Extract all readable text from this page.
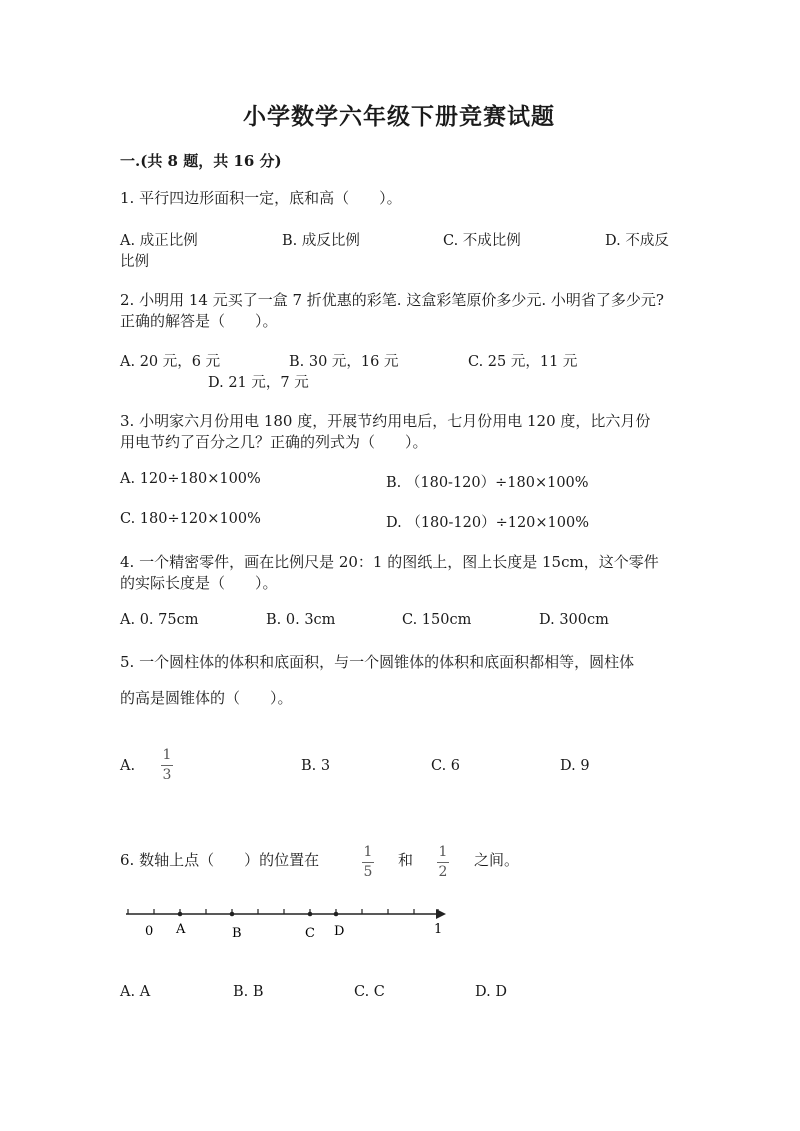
小学数学六年级下册竞赛试题
一.(共 8 题，共 16 分)
1. 平行四边形面积一定，底和高（　　）。
A. 成正比例	B. 成反比例	C. 不成比例	D. 不成反
比例
2. 小明用 14 元买了一盒 7 折优惠的彩笔. 这盒彩笔原价多少元. 小明省了多少元?
正确的解答是（　　）。
A. 20 元，6 元	B. 30 元，16 元	C. 25 元，11 元
D. 21 元，7 元
3. 小明家六月份用电 180 度，开展节约用电后，七月份用电 120 度，比六月份
用电节约了百分之几？正确的列式为（　　）。
A. 120÷180×100%	B. （180-120）÷180×100%
C. 180÷120×100%	D. （180-120）÷120×100%
4. 一个精密零件，画在比例尺是 20：1 的图纸上，图上长度是 15cm，这个零件
的实际长度是（　　）。
A. 0. 75cm	B. 0. 3cm	C. 150cm	D. 300cm
5. 一个圆柱体的体积和底面积，与一个圆锥体的体积和底面积都相等，圆柱体
的高是圆锥体的（　　）。
A.
1
3
B. 3	C. 6	D. 9
6. 数轴上点（　　）的位置在	1
5
和 1
2
之间。
0 A	B	C D	1
A. A	B. B	C. C	D. D
